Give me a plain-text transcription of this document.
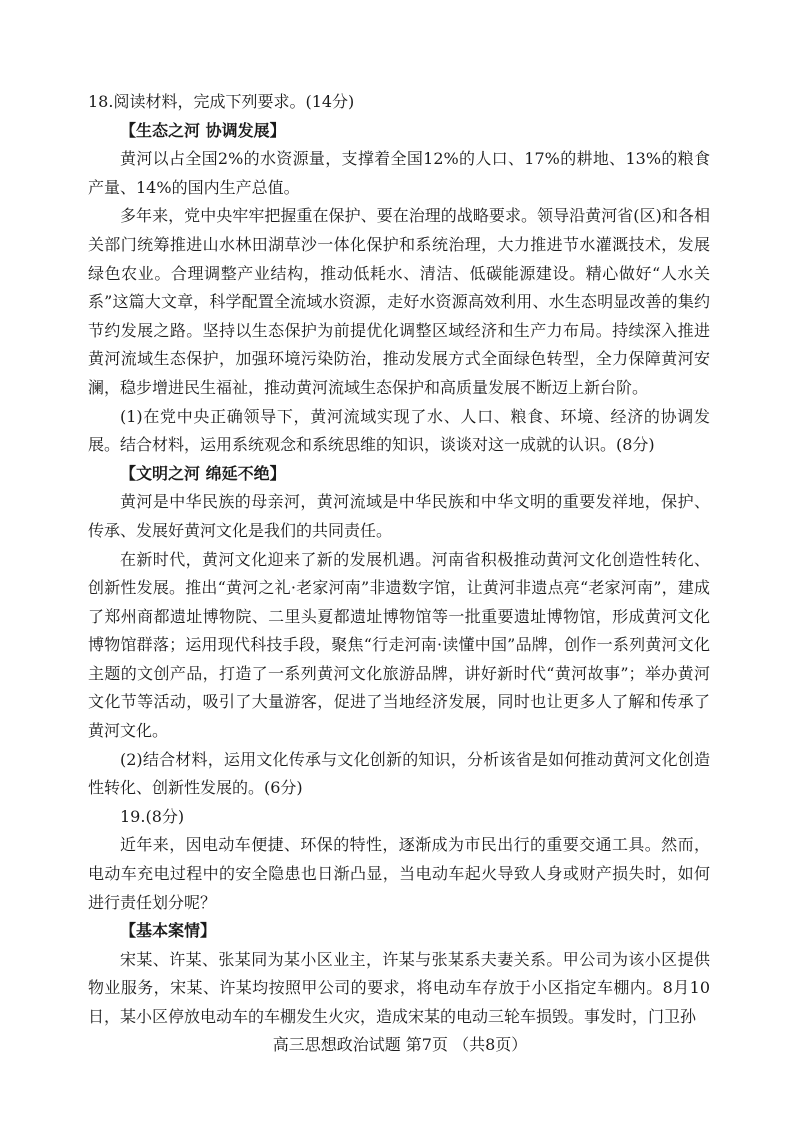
18.阅读材料，完成下列要求。(14分)

【生态之河 协调发展】

黄河以占全国2%的水资源量，支撑着全国12%的人口、17%的耕地、13%的粮食产量、14%的国内生产总值。

多年来，党中央牢牢把握重在保护、要在治理的战略要求。领导沿黄河省(区)和各相关部门统筹推进山水林田湖草沙一体化保护和系统治理，大力推进节水灌溉技术，发展绿色农业。合理调整产业结构，推动低耗水、清洁、低碳能源建设。精心做好“人水关系”这篇大文章，科学配置全流域水资源，走好水资源高效利用、水生态明显改善的集约节约发展之路。坚持以生态保护为前提优化调整区域经济和生产力布局。持续深入推进黄河流域生态保护，加强环境污染防治，推动发展方式全面绿色转型，全力保障黄河安澜，稳步增进民生福祉，推动黄河流域生态保护和高质量发展不断迈上新台阶。

(1)在党中央正确领导下，黄河流域实现了水、人口、粮食、环境、经济的协调发展。结合材料，运用系统观念和系统思维的知识，谈谈对这一成就的认识。(8分)

【文明之河 绵延不绝】

黄河是中华民族的母亲河，黄河流域是中华民族和中华文明的重要发祥地，保护、传承、发展好黄河文化是我们的共同责任。

在新时代，黄河文化迎来了新的发展机遇。河南省积极推动黄河文化创造性转化、创新性发展。推出“黄河之礼·老家河南”非遗数字馆，让黄河非遗点亮“老家河南”，建成了郑州商都遗址博物院、二里头夏都遗址博物馆等一批重要遗址博物馆，形成黄河文化博物馆群落；运用现代科技手段，聚焦“行走河南·读懂中国”品牌，创作一系列黄河文化主题的文创产品，打造了一系列黄河文化旅游品牌，讲好新时代“黄河故事”；举办黄河文化节等活动，吸引了大量游客，促进了当地经济发展，同时也让更多人了解和传承了黄河文化。

(2)结合材料，运用文化传承与文化创新的知识，分析该省是如何推动黄河文化创造性转化、创新性发展的。(6分)

19.(8分)

近年来，因电动车便捷、环保的特性，逐渐成为市民出行的重要交通工具。然而，电动车充电过程中的安全隐患也日渐凸显，当电动车起火导致人身或财产损失时，如何进行责任划分呢？

【基本案情】

宋某、许某、张某同为某小区业主，许某与张某系夫妻关系。甲公司为该小区提供物业服务，宋某、许某均按照甲公司的要求，将电动车存放于小区指定车棚内。8月10日，某小区停放电动车的车棚发生火灾，造成宋某的电动三轮车损毁。事发时，门卫孙

高三思想政治试题 第7页 （共8页）
